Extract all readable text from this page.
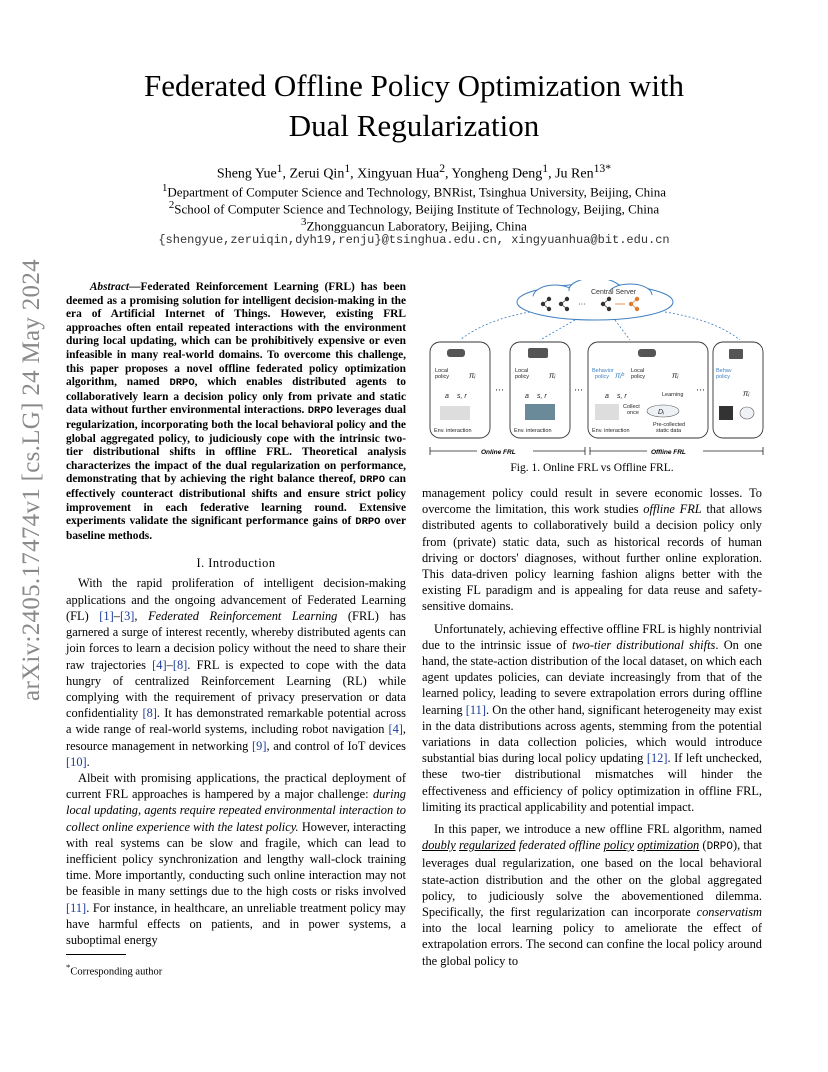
arXiv:2405.17474v1 [cs.LG] 24 May 2024
Federated Offline Policy Optimization with
Dual Regularization
Sheng Yue$^1$, Zerui Qin$^1$, Xingyuan Hua$^2$, Yongheng Deng$^1$, Ju Ren$^{13*}$
$^1$Department of Computer Science and Technology, BNRist, Tsinghua University, Beijing, China
$^2$School of Computer Science and Technology, Beijing Institute of Technology, Beijing, China
$^3$Zhongguancun Laboratory, Beijing, China
{shengyue,zeruiqin,dyh19,renju}@tsinghua.edu.cn, xingyuanhua@bit.edu.cn
Abstract—Federated Reinforcement Learning (FRL) has been deemed as a promising solution for intelligent decision-making in the era of Artificial Internet of Things. However, existing FRL approaches often entail repeated interactions with the environment during local updating, which can be prohibitively expensive or even infeasible in many real-world domains. To overcome this challenge, this paper proposes a novel offline federated policy optimization algorithm, named DRPO, which enables distributed agents to collaboratively learn a decision policy only from private and static data without further environmental interactions. DRPO leverages dual regularization, incorporating both the local behavioral policy and the global aggregated policy, to judiciously cope with the intrinsic two-tier distributional shifts in offline FRL. Theoretical analysis characterizes the impact of the dual regularization on performance, demonstrating that by achieving the right balance thereof, DRPO can effectively counteract distributional shifts and ensure strict policy improvement in each federative learning round. Extensive experiments validate the significant performance gains of DRPO over baseline methods.
I. Introduction

With the rapid proliferation of intelligent decision-making applications and the ongoing advancement of Federated Learning (FL) [1]–[3], Federated Reinforcement Learning (FRL) has garnered a surge of interest recently, whereby distributed agents can join forces to learn a decision policy without the need to share their raw trajectories [4]–[8]. FRL is expected to cope with the data hungry of centralized Reinforcement Learning (RL) while complying with the requirement of privacy preservation or data confidentiality [8]. It has demonstrated remarkable potential across a wide range of real-world systems, including robot navigation [4], resource management in networking [9], and control of IoT devices [10].

Albeit with promising applications, the practical deployment of current FRL approaches is hampered by a major challenge: during local updating, agents require repeated environmental interaction to collect online experience with the latest policy. However, interacting with real systems can be slow and fragile, which can lead to inefficient policy synchronization and lengthy wall-clock training time. More importantly, conducting such online interaction may not be feasible in many settings due to the high costs or risks involved [11]. For instance, in healthcare, an unreliable treatment policy may have harmful effects on patients, and in power systems, a suboptimal energy

*Corresponding author
Central Server
···
Local
policy πᵢ
a s, r
Env. interaction
···
Local
policy πᵢ
a s, r
Env. interaction
···
Behavior
policy πᵢᵇ Local
policy	πᵢ
a s, r	Learning
Collect
once	Dᵢ
Pre-collected
static data
Env. interaction
···
Behav
policy
πᵢ
Online FRL	Offline FRL
Fig. 1. Online FRL vs Offline FRL.

management policy could result in severe economic losses. To overcome the limitation, this work studies offline FRL that allows distributed agents to collaboratively build a decision policy only from (private) static data, such as historical records of human driving or doctors' diagnoses, without further online exploration. This data-driven policy learning fashion aligns better with the existing FL paradigm and is appealing for data reuse and safety-sensitive domains.

Unfortunately, achieving effective offline FRL is highly nontrivial due to the intrinsic issue of two-tier distributional shifts. On one hand, the state-action distribution of the local dataset, on which each agent updates policies, can deviate increasingly from that of the learned policy, leading to severe extrapolation errors during offline learning [11]. On the other hand, significant heterogeneity may exist in the data distributions across agents, stemming from the potential variations in data collection policies, which would introduce substantial bias during local policy updating [12]. If left unchecked, these two-tier distributional mismatches will hinder the effectiveness and efficiency of policy optimization in offline FRL, limiting its practical applicability and potential impact.

In this paper, we introduce a new offline FRL algorithm, named doubly regularized federated offline policy optimization (DRPO), that leverages dual regularization, one based on the local behavioral state-action distribution and the other on the global aggregated policy, to judiciously solve the abovementioned dilemma. Specifically, the first regularization can incorporate conservatism into the local learning policy to ameliorate the effect of extrapolation errors. The second can confine the local policy around the global policy to
